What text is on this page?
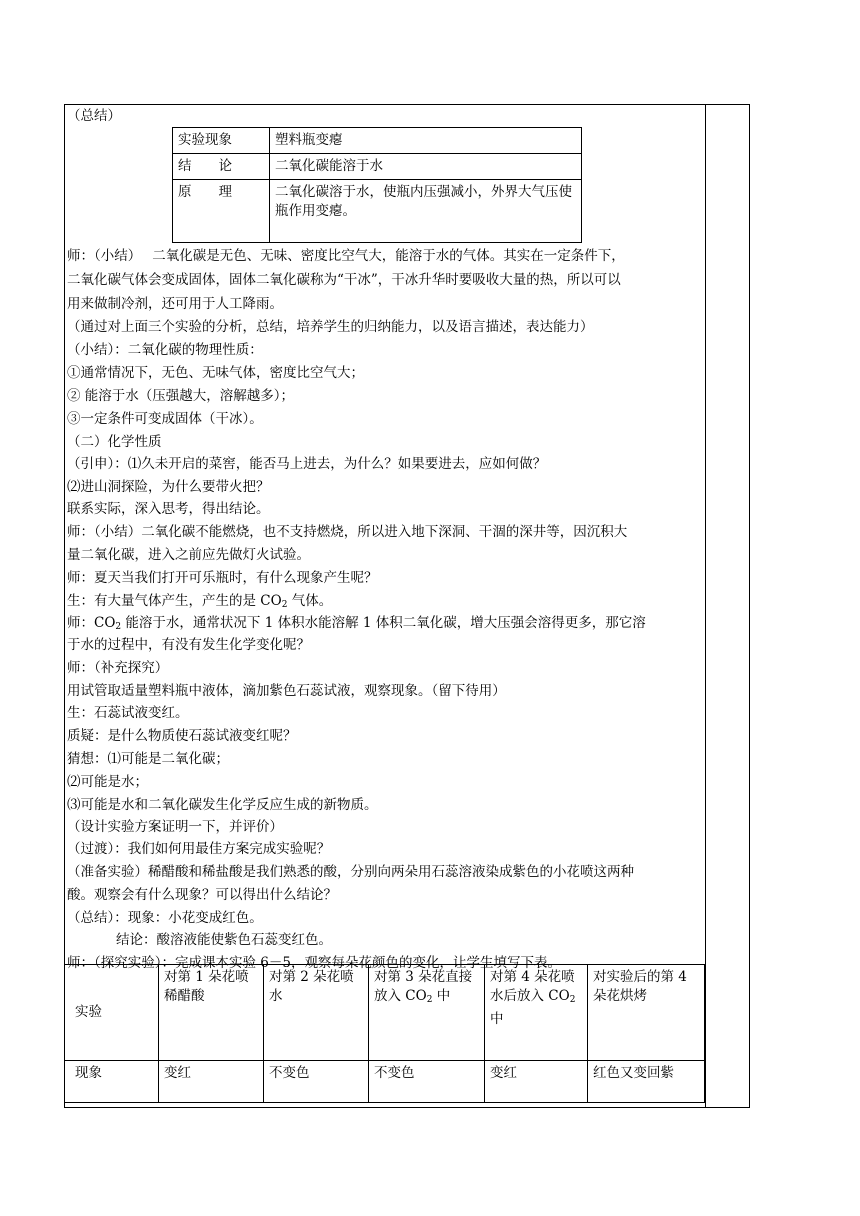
（总结）
实验现象	塑料瓶变瘪
结　　论	二氧化碳能溶于水
原　　理	二氧化碳溶于水，使瓶内压强减小，外界大气压使瓶作用变瘪。
师：（小结）　 二氧化碳是无色、无味、密度比空气大，能溶于水的气体。其实在一定条件下，
二氧化碳气体会变成固体，固体二氧化碳称为“干冰”，干冰升华时要吸收大量的热，所以可以
用来做制冷剂，还可用于人工降雨。
（通过对上面三个实验的分析，总结，培养学生的归纳能力，以及语言描述，表达能力）
（小结）：二氧化碳的物理性质：
①通常情况下，无色、无味气体，密度比空气大；
② 能溶于水（压强越大，溶解越多）；
③一定条件可变成固体（干冰）。
（二）化学性质
（引申）：⑴久未开启的菜窖，能否马上进去，为什么？如果要进去，应如何做？
⑵进山洞探险，为什么要带火把？
联系实际，深入思考，得出结论。
师：（小结）二氧化碳不能燃烧，也不支持燃烧，所以进入地下深洞、干涸的深井等，因沉积大
量二氧化碳，进入之前应先做灯火试验。
师：夏天当我们打开可乐瓶时，有什么现象产生呢？
生：有大量气体产生，产生的是 $CO_2$ 气体。
师：$CO_2$ 能溶于水，通常状况下 1 体积水能溶解 1 体积二氧化碳，增大压强会溶得更多，那它溶
于水的过程中，有没有发生化学变化呢？
师：（补充探究）
用试管取适量塑料瓶中液体，滴加紫色石蕊试液，观察现象。（留下待用）
生：石蕊试液变红。
质疑：是什么物质使石蕊试液变红呢？
猜想：⑴可能是二氧化碳；
⑵可能是水；
⑶可能是水和二氧化碳发生化学反应生成的新物质。
（设计实验方案证明一下，并评价）
（过渡）：我们如何用最佳方案完成实验呢？
（准备实验）稀醋酸和稀盐酸是我们熟悉的酸，分别向两朵用石蕊溶液染成紫色的小花喷这两种
酸。观察会有什么现象？可以得出什么结论？
（总结）：现象：小花变成红色。
师：（探究实验）：完成课本实验 6－5，观察每朵花颜色的变化，让学生填写下表。
结论：酸溶液能使紫色石蕊变红色。
实验	对第 1 朵花喷稀醋酸	对第 2 朵花喷水	对第 3 朵花直接放入 $CO_2$ 中	对第 4 朵花喷水后放入 $CO_2$ 中	对实验后的第 4 朵花烘烤
现象	变红	不变色	不变色	变红	红色又变回紫
